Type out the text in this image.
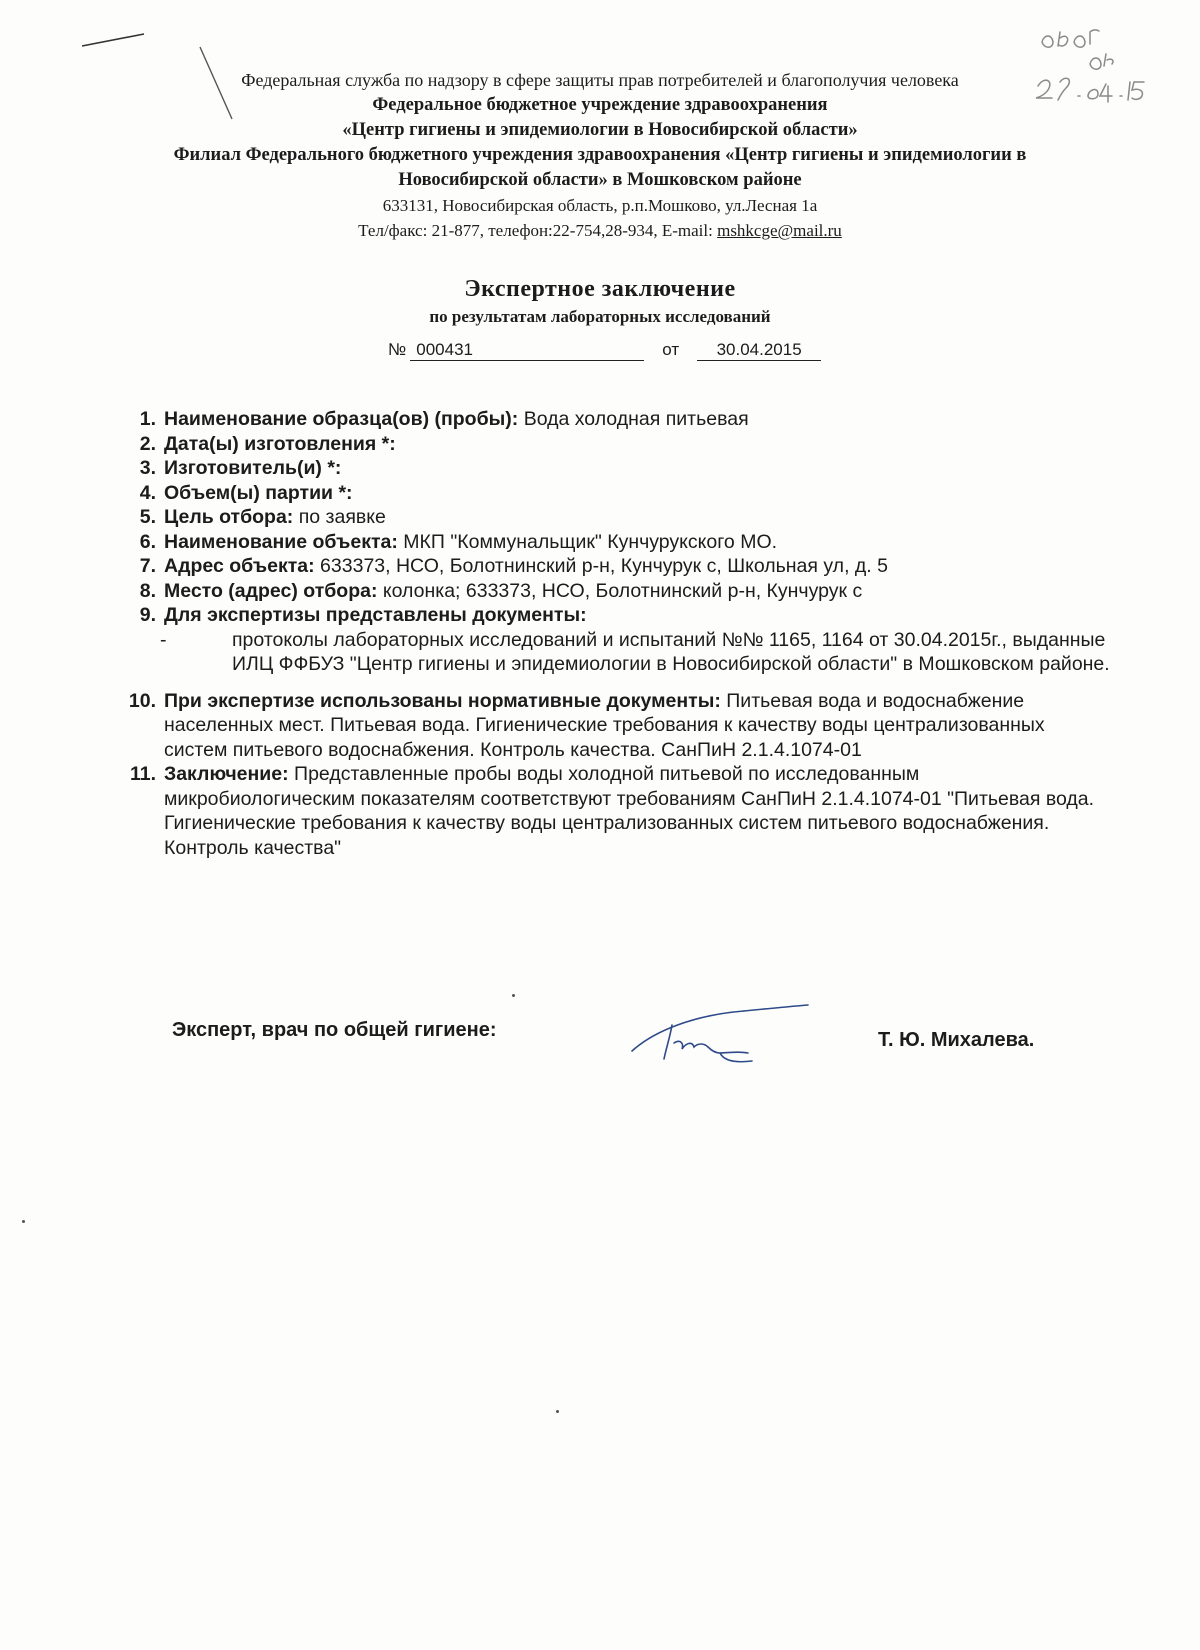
Федеральная служба по надзору в сфере защиты прав потребителей и благополучия человека
Федеральное бюджетное учреждение здравоохранения
«Центр гигиены и эпидемиологии в Новосибирской области»
Филиал Федерального бюджетного учреждения здравоохранения «Центр гигиены и эпидемиологии в
Новосибирской области» в Мошковском районе
633131, Новосибирская область, р.п.Мошково, ул.Лесная 1а
Тел/факс: 21-877, телефон:22-754,28-934, E-mail: mshkcge@mail.ru
Экспертное заключение
по результатам лабораторных исследований
№ 000431	от 30.04.2015
1. Наименование образца(ов) (пробы): Вода холодная питьевая
2. Дата(ы) изготовления *:
3. Изготовитель(и) *:
4. Объем(ы) партии *:
5. Цель отбора: по заявке
6. Наименование объекта: МКП "Коммунальщик" Кунчурукского МО.
7. Адрес объекта: 633373, НСО, Болотнинский р-н, Кунчурук с, Школьная ул, д. 5
8. Место (адрес) отбора: колонка; 633373, НСО, Болотнинский р-н, Кунчурук с
9. Для экспертизы представлены документы:
-	протоколы лабораторных исследований и испытаний №№ 1165, 1164 от 30.04.2015г., выданные ИЛЦ ФФБУЗ "Центр гигиены и эпидемиологии в Новосибирской области" в Мошковском районе.
10. При экспертизе использованы нормативные документы: Питьевая вода и водоснабжение населенных мест. Питьевая вода. Гигиенические требования к качеству воды централизованных систем питьевого водоснабжения. Контроль качества. СанПиН 2.1.4.1074-01
11. Заключение: Представленные пробы воды холодной питьевой по исследованным микробиологическим показателям соответствуют требованиям СанПиН 2.1.4.1074-01 "Питьевая вода. Гигиенические требования к качеству воды централизованных систем питьевого водоснабжения. Контроль качества"
Эксперт, врач по общей гигиене:	Т. Ю. Михалева.
